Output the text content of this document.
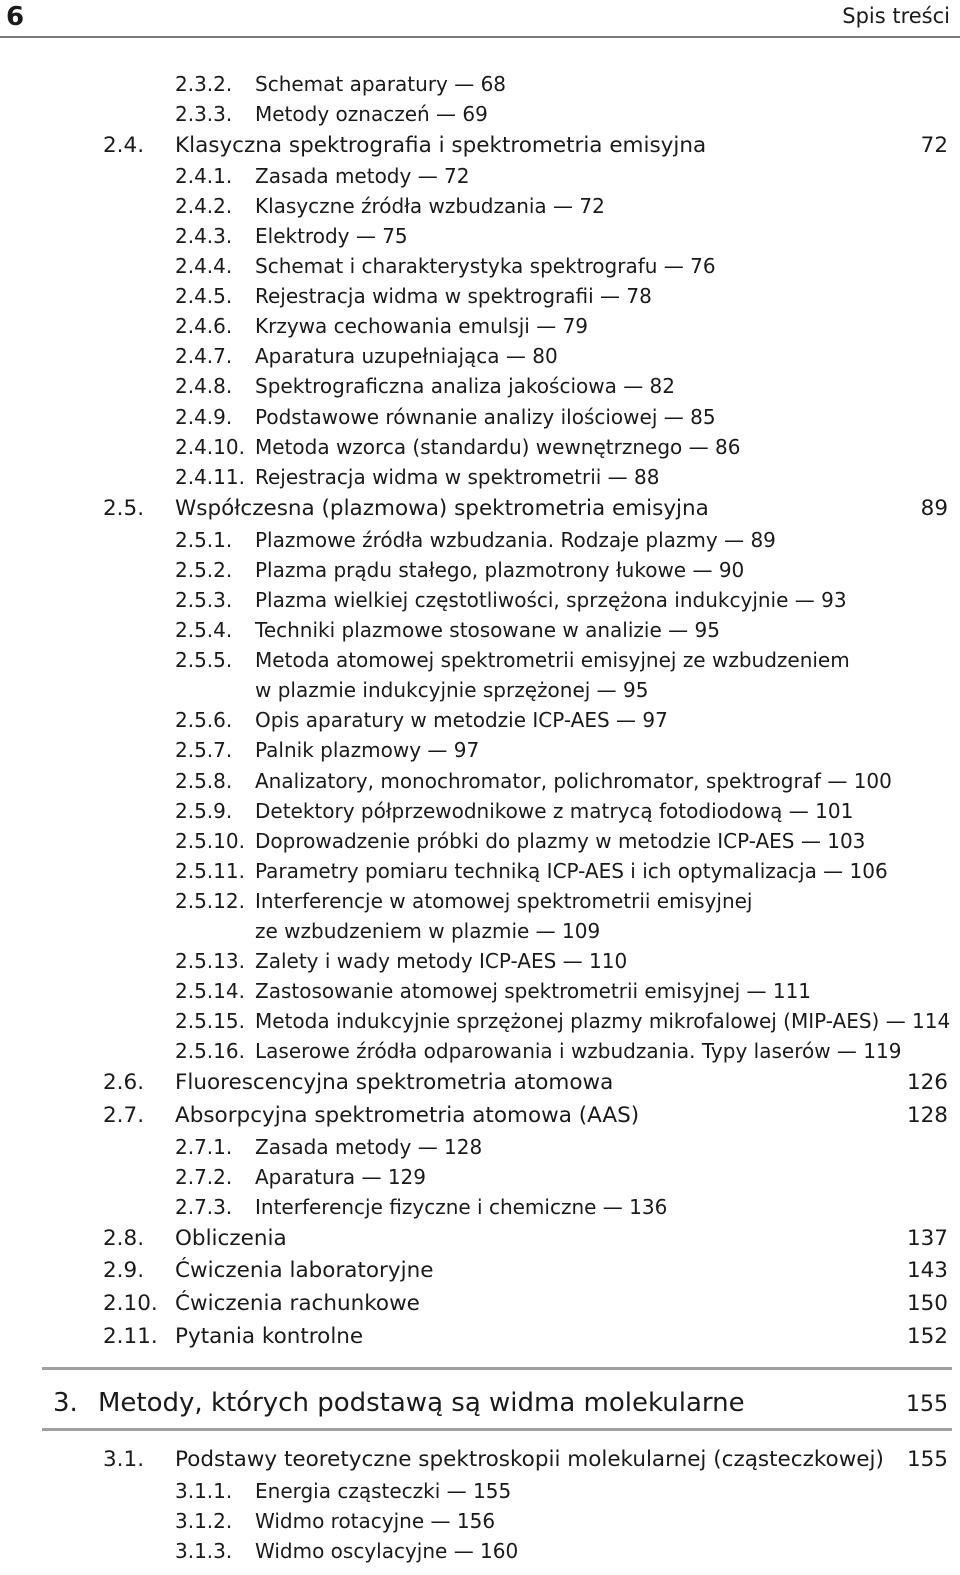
6	Spis treści
2.3.2. Schemat aparatury — 68
2.3.3. Metody oznaczeń — 69
2.4. Klasyczna spektrografia i spektrometria emisyjna	72
2.4.1. Zasada metody — 72
2.4.2. Klasyczne źródła wzbudzania — 72
2.4.3. Elektrody — 75
2.4.4. Schemat i charakterystyka spektrografu — 76
2.4.5. Rejestracja widma w spektrografii — 78
2.4.6. Krzywa cechowania emulsji — 79
2.4.7. Aparatura uzupełniająca — 80
2.4.8. Spektrograficzna analiza jakościowa — 82
2.4.9. Podstawowe równanie analizy ilościowej — 85
2.4.10. Metoda wzorca (standardu) wewnętrznego — 86
2.4.11. Rejestracja widma w spektrometrii — 88
2.5. Współczesna (plazmowa) spektrometria emisyjna	89
2.5.1. Plazmowe źródła wzbudzania. Rodzaje plazmy — 89
2.5.2. Plazma prądu stałego, plazmotrony łukowe — 90
2.5.3. Plazma wielkiej częstotliwości, sprzężona indukcyjnie — 93
2.5.4. Techniki plazmowe stosowane w analizie — 95
2.5.5. Metoda atomowej spektrometrii emisyjnej ze wzbudzeniem
w plazmie indukcyjnie sprzężonej — 95
2.5.6. Opis aparatury w metodzie ICP-AES — 97
2.5.7. Palnik plazmowy — 97
2.5.8. Analizatory, monochromator, polichromator, spektrograf — 100
2.5.9. Detektory półprzewodnikowe z matrycą fotodiodową — 101
2.5.10. Doprowadzenie próbki do plazmy w metodzie ICP-AES — 103
2.5.11. Parametry pomiaru techniką ICP-AES i ich optymalizacja — 106
2.5.12. Interferencje w atomowej spektrometrii emisyjnej
ze wzbudzeniem w plazmie — 109
2.5.13. Zalety i wady metody ICP-AES — 110
2.5.14. Zastosowanie atomowej spektrometrii emisyjnej — 111
2.5.15. Metoda indukcyjnie sprzężonej plazmy mikrofalowej (MIP-AES) — 114
2.5.16. Laserowe źródła odparowania i wzbudzania. Typy laserów — 119
2.6. Fluorescencyjna spektrometria atomowa	126
2.7. Absorpcyjna spektrometria atomowa (AAS)	128
2.7.1. Zasada metody — 128
2.7.2. Aparatura — 129
2.7.3. Interferencje fizyczne i chemiczne — 136
2.8. Obliczenia	137
2.9. Ćwiczenia laboratoryjne	143
2.10. Ćwiczenia rachunkowe	150
2.11. Pytania kontrolne	152
3. Metody, których podstawą są widma molekularne	155
3.1. Podstawy teoretyczne spektroskopii molekularnej (cząsteczkowej) 155
3.1.1. Energia cząsteczki — 155
3.1.2. Widmo rotacyjne — 156
3.1.3. Widmo oscylacyjne — 160
